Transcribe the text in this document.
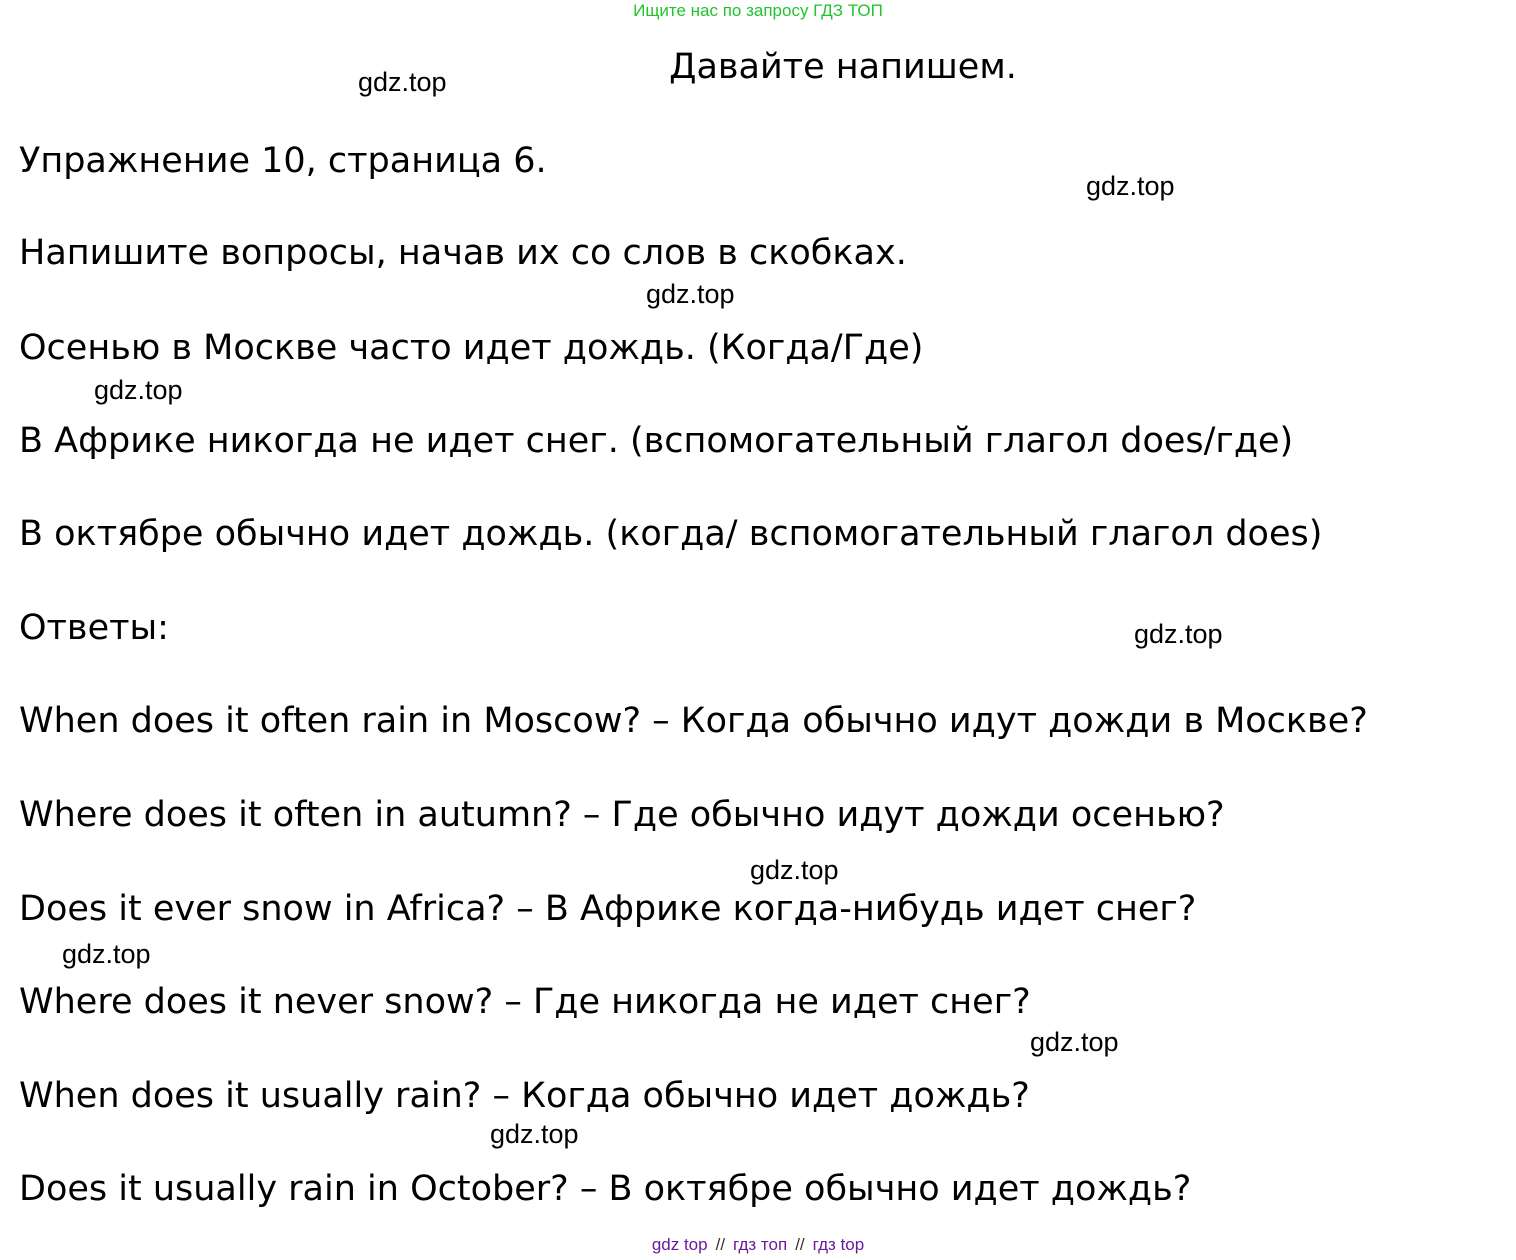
Ищите нас по запросу ГДЗ ТОП
Давайте напишем.
Упражнение 10, страница 6.
Напишите вопросы, начав их со слов в скобках.
Осенью в Москве часто идет дождь. (Когда/Где)
В Африке никогда не идет снег. (вспомогательный глагол does/где)
В октябре обычно идет дождь. (когда/ вспомогательный глагол does)
Ответы:
When does it often rain in Moscow? – Когда обычно идут дожди в Москве?
Where does it often in autumn? – Где обычно идут дожди осенью?
Does it ever snow in Africa? – В Африке когда-нибудь идет снег?
Where does it never snow? – Где никогда не идет снег?
When does it usually rain? – Когда обычно идет дождь?
Does it usually rain in October? – В октябре обычно идет дождь?
gdz.top
gdz.top
gdz.top
gdz.top
gdz.top
gdz.top
gdz.top
gdz.top
gdz.top
gdz top // гдз топ // гдз top
